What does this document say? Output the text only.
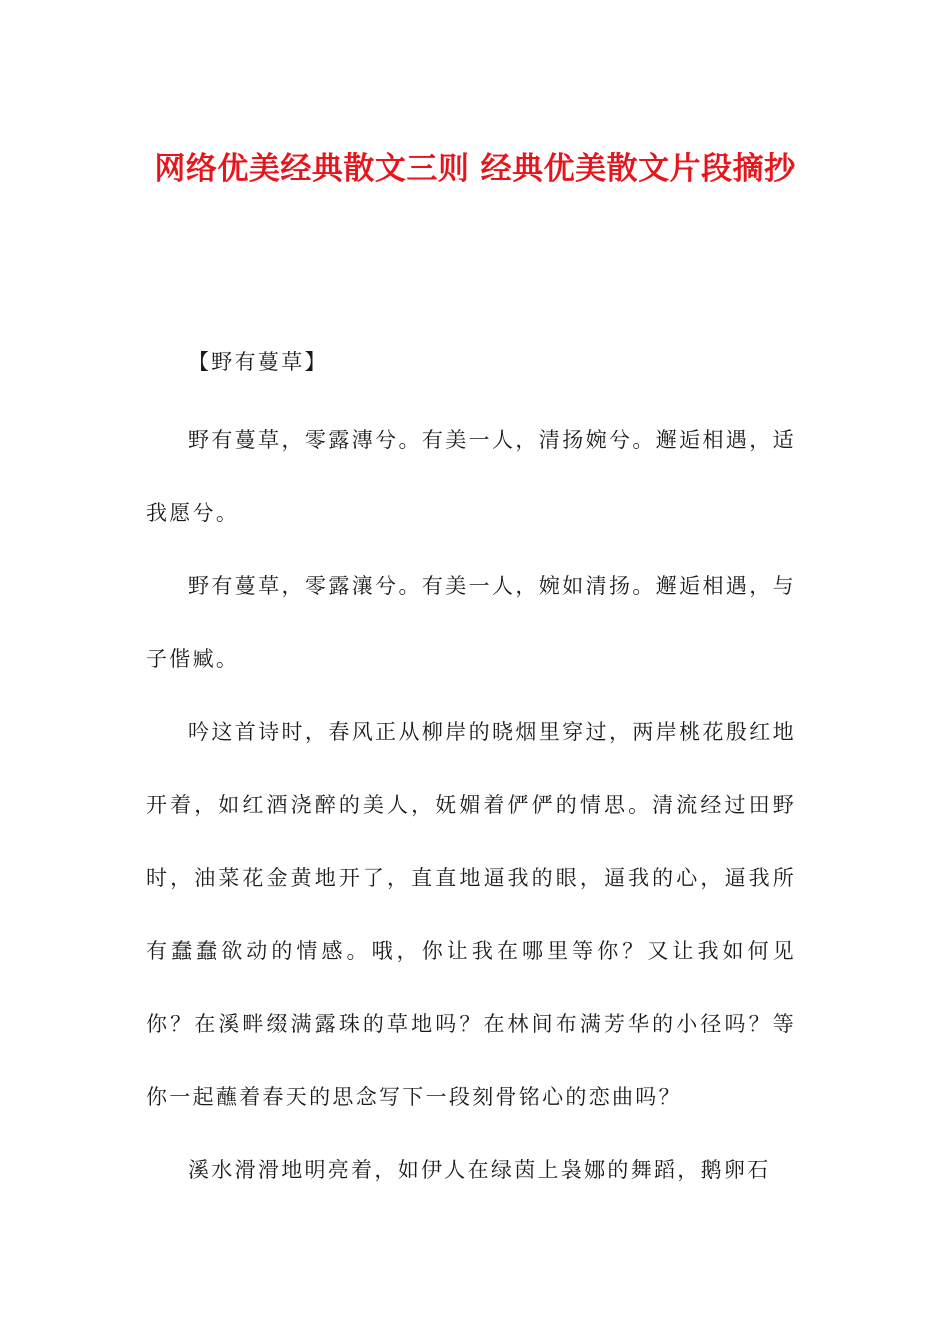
网络优美经典散文三则 经典优美散文片段摘抄

【野有蔓草】

野有蔓草，零露漙兮。有美一人，清扬婉兮。邂逅相遇，适我愿兮。

野有蔓草，零露瀼兮。有美一人，婉如清扬。邂逅相遇，与子偕臧。

吟这首诗时，春风正从柳岸的晓烟里穿过，两岸桃花殷红地开着，如红酒浇醉的美人，妩媚着俨俨的情思。清流经过田野时，油菜花金黄地开了，直直地逼我的眼，逼我的心，逼我所有蠢蠢欲动的情感。哦，你让我在哪里等你？又让我如何见你？在溪畔缀满露珠的草地吗？在林间布满芳华的小径吗？等你一起蘸着春天的思念写下一段刻骨铭心的恋曲吗？

溪水滑滑地明亮着，如伊人在绿茵上袅娜的舞蹈，鹅卵石
